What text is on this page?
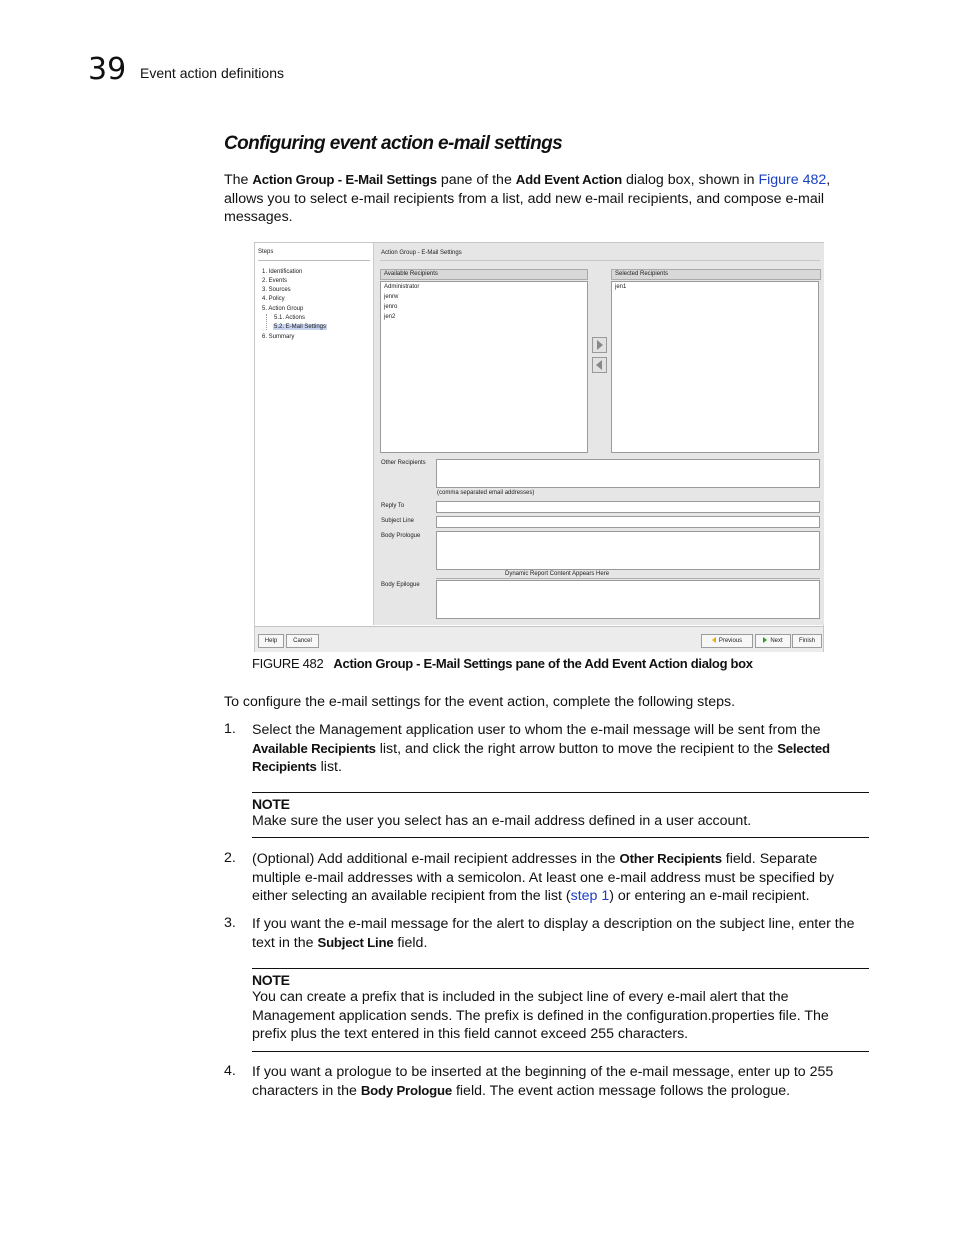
39 Event action definitions
Configuring event action e-mail settings
The Action Group - E-Mail Settings pane of the Add Event Action dialog box, shown in Figure 482, allows you to select e-mail recipients from a list, add new e-mail recipients, and compose e-mail messages.
Steps
1. Identification
2. Events
3. Sources
4. Policy
5. Action Group
5.1. Actions
5.2. E-Mail Settings
6. Summary
Action Group - E-Mail Settings
Available Recipients
Administrator
jenrw
jenro
jen2
Selected Recipients
jen1
Other Recipients
(comma separated email addresses)
Reply To
Subject Line
Body Prologue
Dynamic Report Content Appears Here
Body Epilogue
Help	Cancel	Previous	Next	Finish
FIGURE 482 Action Group - E-Mail Settings pane of the Add Event Action dialog box
To configure the e-mail settings for the event action, complete the following steps.
1. Select the Management application user to whom the e-mail message will be sent from the Available Recipients list, and click the right arrow button to move the recipient to the Selected Recipients list.
NOTE
Make sure the user you select has an e-mail address defined in a user account.
2. (Optional) Add additional e-mail recipient addresses in the Other Recipients field. Separate multiple e-mail addresses with a semicolon. At least one e-mail address must be specified by either selecting an available recipient from the list (step 1) or entering an e-mail recipient.
3. If you want the e-mail message for the alert to display a description on the subject line, enter the text in the Subject Line field.
NOTE
You can create a prefix that is included in the subject line of every e-mail alert that the Management application sends. The prefix is defined in the configuration.properties file. The prefix plus the text entered in this field cannot exceed 255 characters.
4. If you want a prologue to be inserted at the beginning of the e-mail message, enter up to 255 characters in the Body Prologue field. The event action message follows the prologue.
